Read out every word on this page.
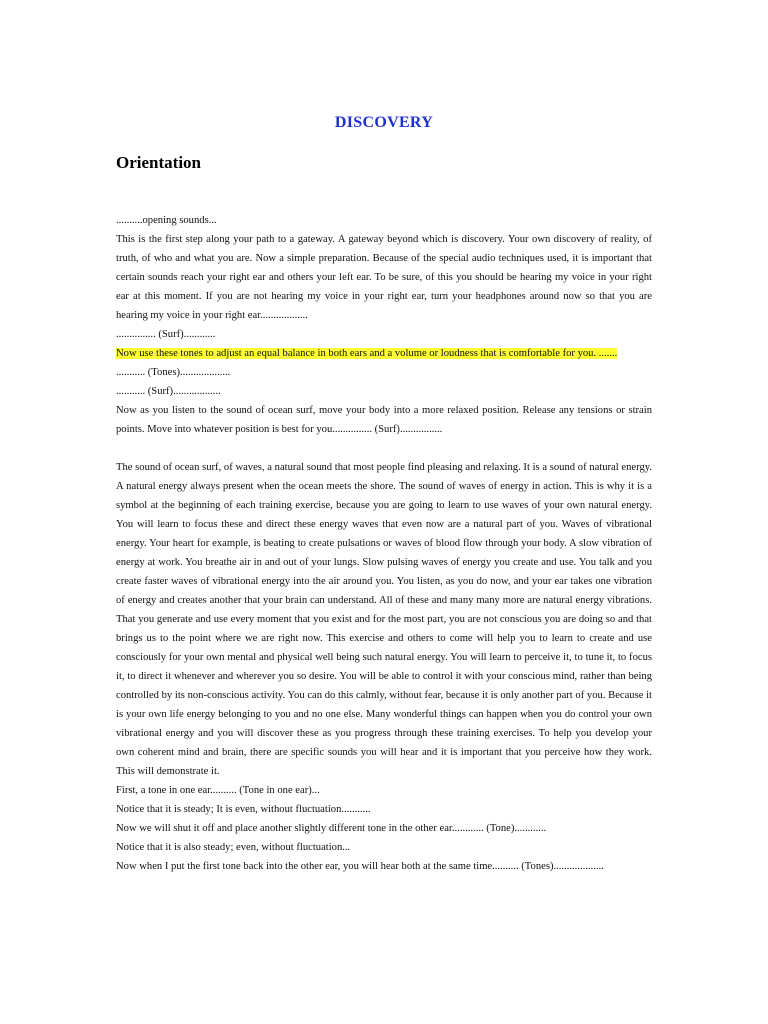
DISCOVERY
Orientation

..........opening sounds...

This is the first step along your path to a gateway. A gateway beyond which is discovery. Your own discovery of reality, of truth, of who and what you are. Now a simple preparation. Because of the special audio techniques used, it is important that certain sounds reach your right ear and others your left ear. To be sure, of this you should be hearing my voice in your right ear at this moment. If you are not hearing my voice in your right ear, turn your headphones around now so that you are hearing my voice in your right ear..................

............... (Surf)............

Now use these tones to adjust an equal balance in both ears and a volume or loudness that is comfortable for you. .......

........... (Tones)...................

........... (Surf)..................

Now as you listen to the sound of ocean surf, move your body into a more relaxed position. Release any tensions or strain points. Move into whatever position is best for you............... (Surf)................

The sound of ocean surf, of waves, a natural sound that most people find pleasing and relaxing. It is a sound of natural energy. A natural energy always present when the ocean meets the shore. The sound of waves of energy in action. This is why it is a symbol at the beginning of each training exercise, because you are going to learn to use waves of your own natural energy. You will learn to focus these and direct these energy waves that even now are a natural part of you. Waves of vibrational energy. Your heart for example, is beating to create pulsations or waves of blood flow through your body. A slow vibration of energy at work. You breathe air in and out of your lungs. Slow pulsing waves of energy you create and use. You talk and you create faster waves of vibrational energy into the air around you. You listen, as you do now, and your ear takes one vibration of energy and creates another that your brain can understand. All of these and many many more are natural energy vibrations. That you generate and use every moment that you exist and for the most part, you are not conscious you are doing so and that brings us to the point where we are right now. This exercise and others to come will help you to learn to create and use consciously for your own mental and physical well being such natural energy. You will learn to perceive it, to tune it, to focus it, to direct it whenever and wherever you so desire. You will be able to control it with your conscious mind, rather than being controlled by its non-conscious activity. You can do this calmly, without fear, because it is only another part of you. Because it is your own life energy belonging to you and no one else. Many wonderful things can happen when you do control your own vibrational energy and you will discover these as you progress through these training exercises. To help you develop your own coherent mind and brain, there are specific sounds you will hear and it is important that you perceive how they work. This will demonstrate it.

First, a tone in one ear.......... (Tone in one ear)...

Notice that it is steady; It is even, without fluctuation...........

Now we will shut it off and place another slightly different tone in the other ear............ (Tone)............

Notice that it is also steady; even, without fluctuation...

Now when I put the first tone back into the other ear, you will hear both at the same time.......... (Tones)...................
